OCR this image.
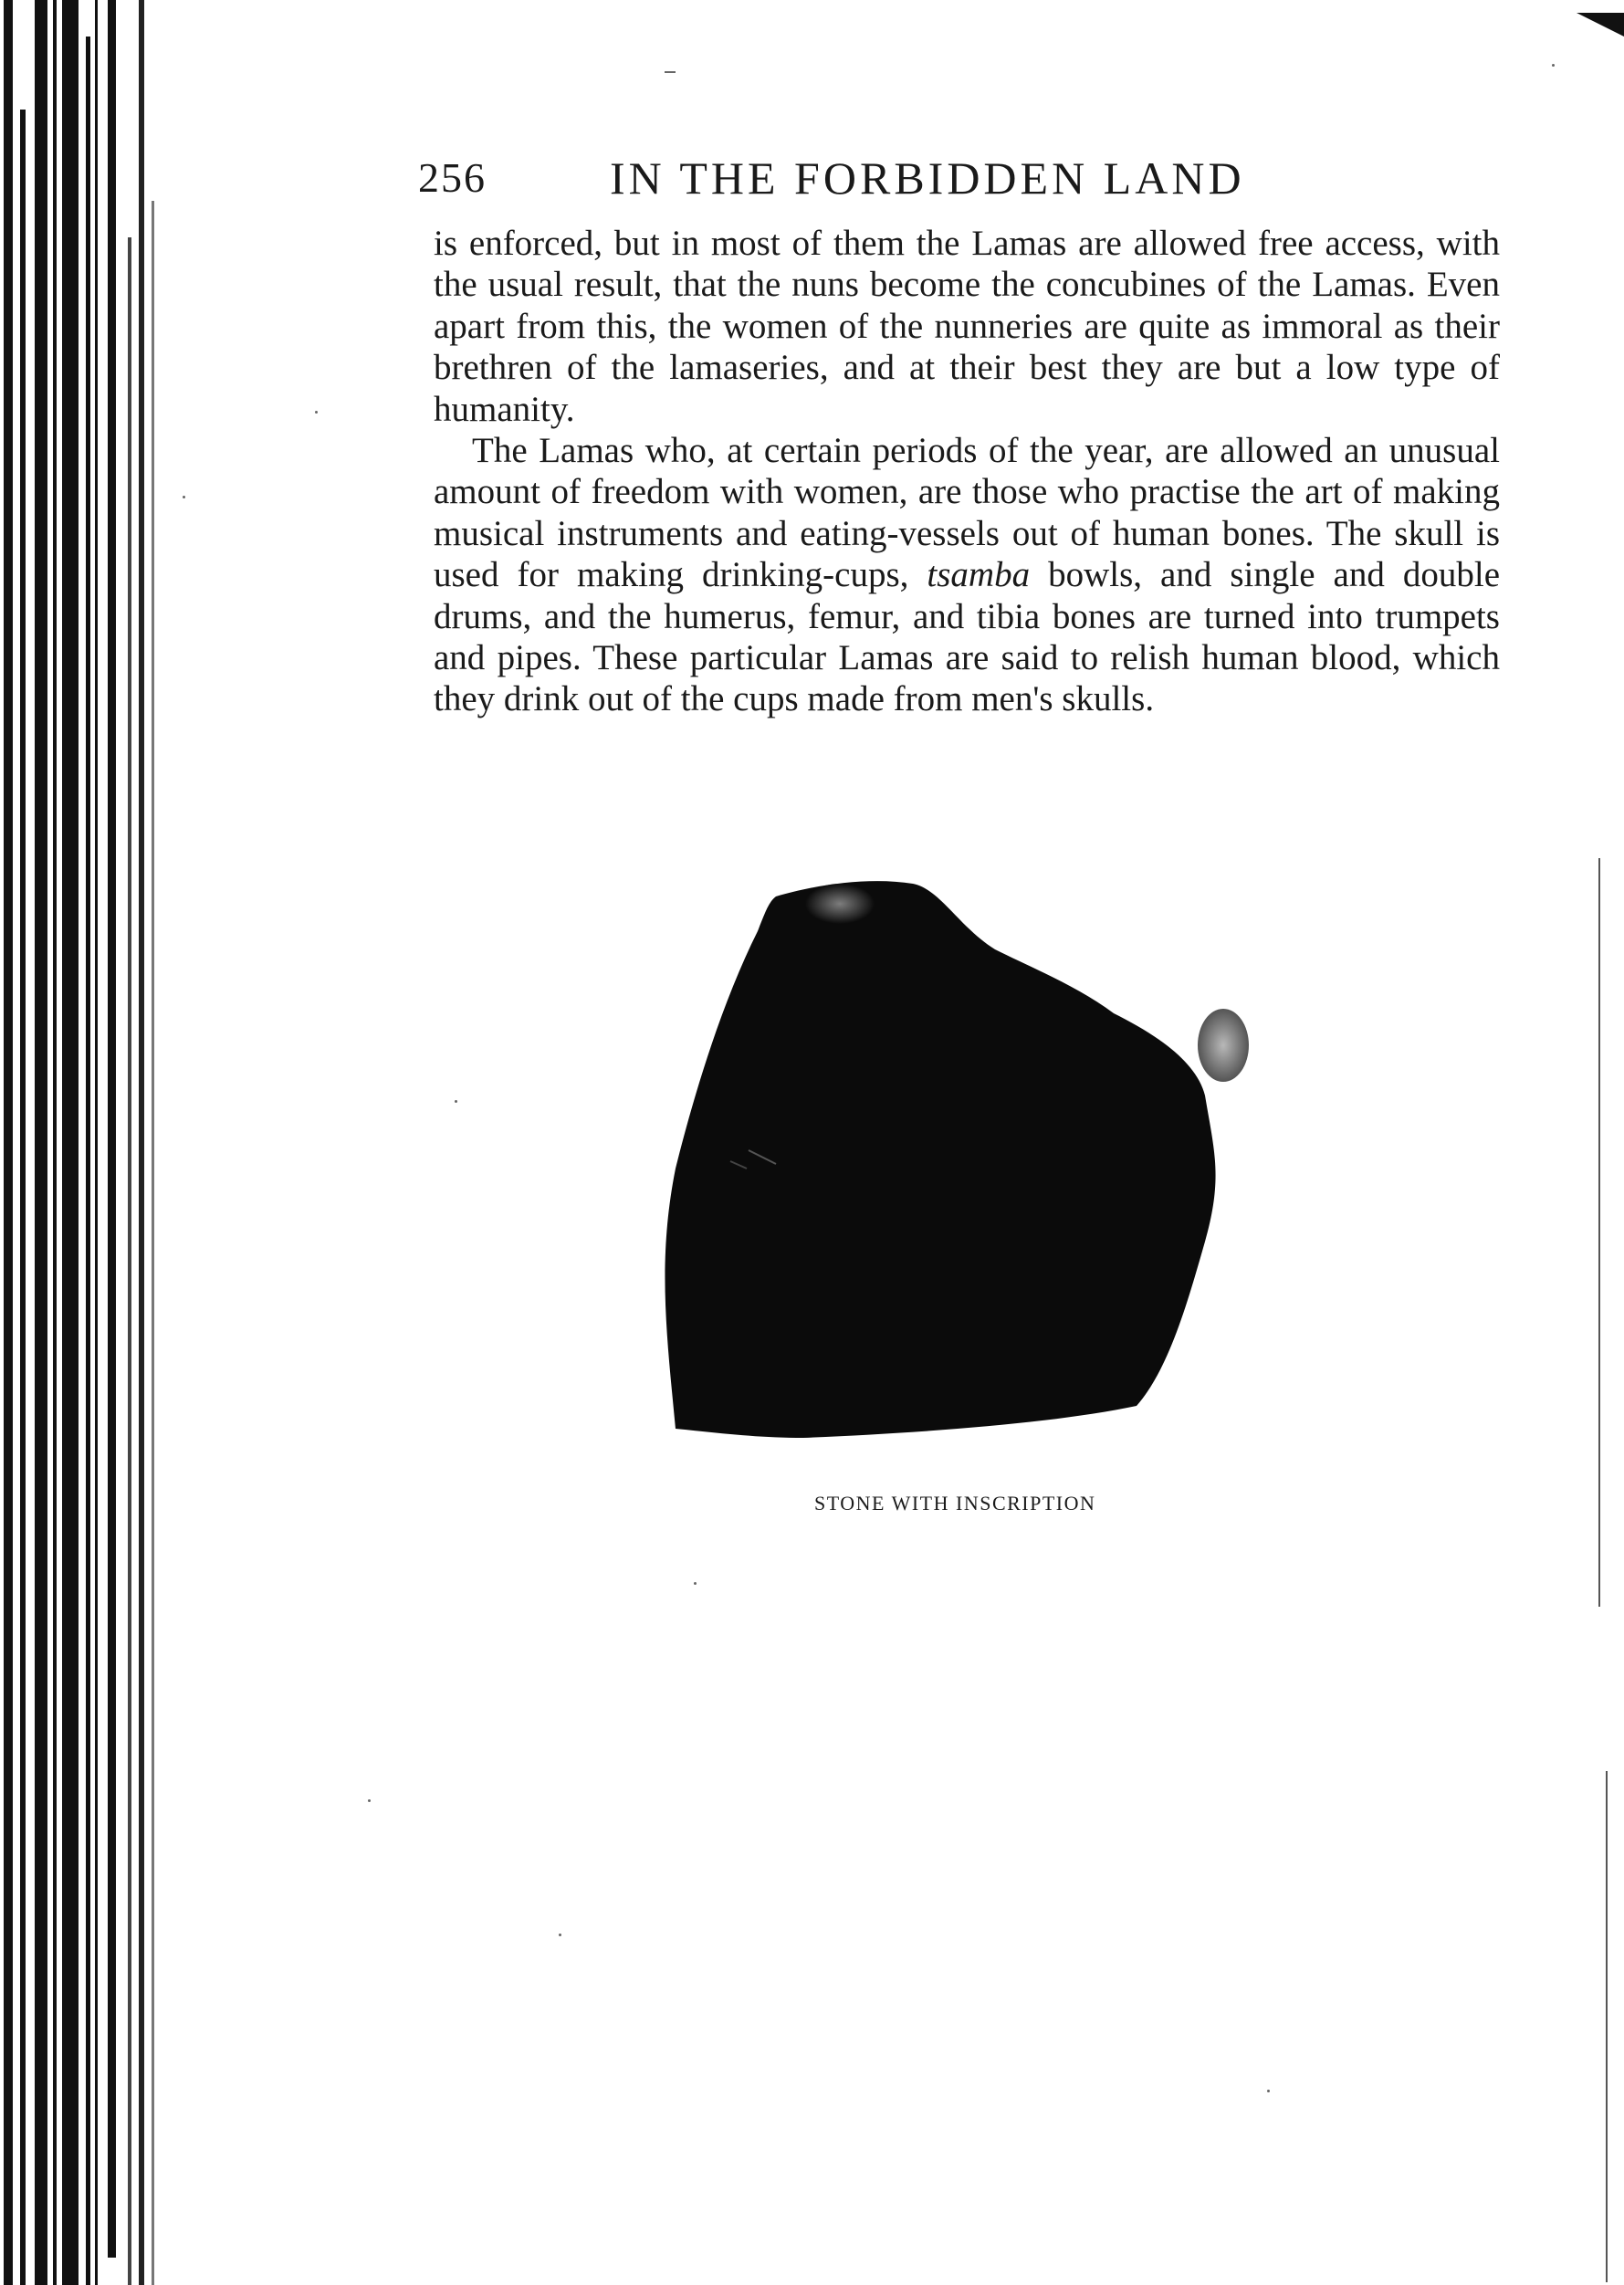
256	IN THE FORBIDDEN LAND

is enforced, but in most of them the Lamas are allowed free access, with the usual result, that the nuns become the concubines of the Lamas. Even apart from this, the women of the nunneries are quite as immoral as their brethren of the lamaseries, and at their best they are but a low type of humanity.

The Lamas who, at certain periods of the year, are allowed an unusual amount of freedom with women, are those who practise the art of making musical instruments and eating-vessels out of human bones. The skull is used for making drinking-cups, tsamba bowls, and single and double drums, and the humerus, femur, and tibia bones are turned into trumpets and pipes. These particular Lamas are said to relish human blood, which they drink out of the cups made from men's skulls.

STONE WITH INSCRIPTION
